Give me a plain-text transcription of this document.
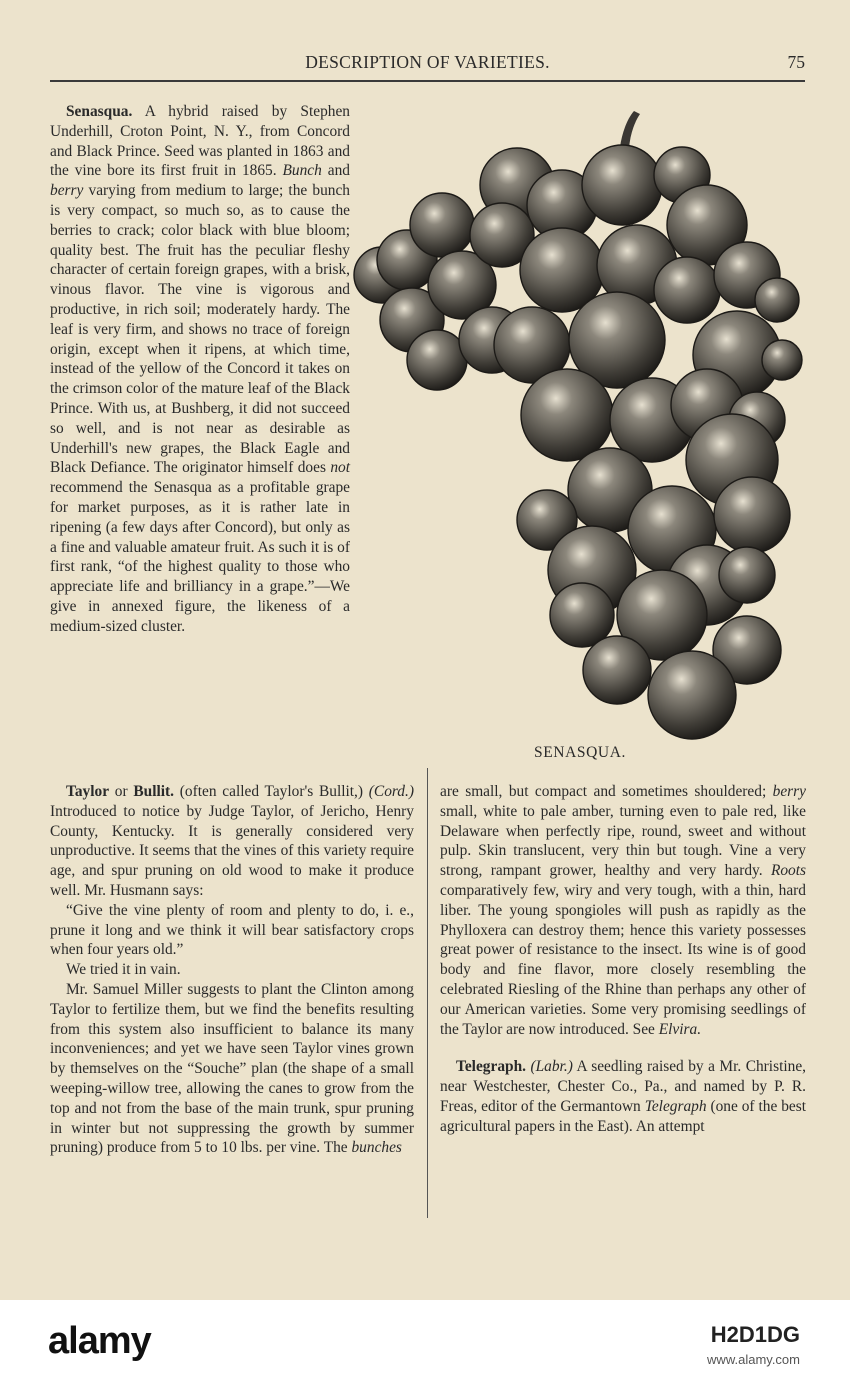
DESCRIPTION OF VARIETIES.	75

Senasqua. A hybrid raised by Stephen Underhill, Croton Point, N. Y., from Concord and Black Prince. Seed was planted in 1863 and the vine bore its first fruit in 1865. Bunch and berry varying from medium to large; the bunch is very compact, so much so, as to cause the berries to crack; color black with blue bloom; quality best. The fruit has the peculiar fleshy character of certain foreign grapes, with a brisk, vinous flavor. The vine is vigorous and productive, in rich soil; moderately hardy. The leaf is very firm, and shows no trace of foreign origin, except when it ripens, at which time, instead of the yellow of the Concord it takes on the crimson color of the mature leaf of the Black Prince. With us, at Bushberg, it did not succeed so well, and is not near as desirable as Underhill's new grapes, the Black Eagle and Black Defiance. The originator himself does not recommend the Senasqua as a profitable grape for market purposes, as it is rather late in ripening (a few days after Concord), but only as a fine and valuable amateur fruit. As such it is of first rank, “of the highest quality to those who appreciate life and brilliancy in a grape.”—We give in annexed figure, the likeness of a medium-sized cluster.

SENASQUA.

Taylor or Bullit. (often called Taylor's Bullit,) (Cord.) Introduced to notice by Judge Taylor, of Jericho, Henry County, Kentucky. It is generally considered very unproductive. It seems that the vines of this variety require age, and spur pruning on old wood to make it produce well. Mr. Husmann says:

“Give the vine plenty of room and plenty to do, i. e., prune it long and we think it will bear satisfactory crops when four years old.”

We tried it in vain.

Mr. Samuel Miller suggests to plant the Clinton among Taylor to fertilize them, but we find the benefits resulting from this system also insufficient to balance its many inconveniences; and yet we have seen Taylor vines grown by themselves on the “Souche” plan (the shape of a small weeping-willow tree, allowing the canes to grow from the top and not from the base of the main trunk, spur pruning in winter but not suppressing the growth by summer pruning) produce from 5 to 10 lbs. per vine. The bunches

are small, but compact and sometimes shouldered; berry small, white to pale amber, turning even to pale red, like Delaware when perfectly ripe, round, sweet and without pulp. Skin translucent, very thin but tough. Vine a very strong, rampant grower, healthy and very hardy. Roots comparatively few, wiry and very tough, with a thin, hard liber. The young spongioles will push as rapidly as the Phylloxera can destroy them; hence this variety possesses great power of resistance to the insect. Its wine is of good body and fine flavor, more closely resembling the celebrated Riesling of the Rhine than perhaps any other of our American varieties. Some very promising seedlings of the Taylor are now introduced. See Elvira.

Telegraph. (Labr.) A seedling raised by a Mr. Christine, near Westchester, Chester Co., Pa., and named by P. R. Freas, editor of the Germantown Telegraph (one of the best agricultural papers in the East). An attempt

alamy	H2D1DG
www.alamy.com
